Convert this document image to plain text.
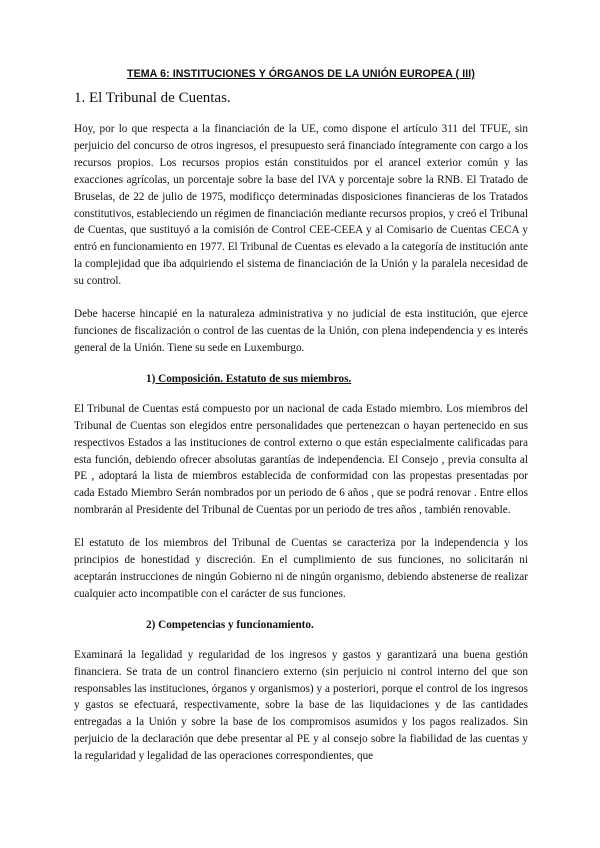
TEMA 6: INSTITUCIONES Y ÓRGANOS DE LA UNIÓN EUROPEA ( III)
1. El Tribunal de Cuentas.

Hoy, por lo que respecta a la financiación de la UE, como dispone el artículo 311 del TFUE, sin perjuicio del concurso de otros ingresos, el presupuesto será financiado íntegramente con cargo a los recursos propios. Los recursos propios están constituidos por el arancel exterior común y las exacciones agrícolas, un porcentaje sobre la base del IVA y porcentaje sobre la RNB. El Tratado de Bruselas, de 22 de julio de 1975, modificço determinadas disposiciones financieras de los Tratados constitutivos, estableciendo un régimen de financiación mediante recursos propios, y creó el Tribunal de Cuentas, que sustituyó a la comisión de Control CEE-CEEA y al Comisario de Cuentas CECA y entró en funcionamiento en 1977. El Tribunal de Cuentas es elevado a la categoría de institución ante la complejidad que iba adquiriendo el sistema de financiación de la Unión y la paralela necesidad de su control.

Debe hacerse hincapié en la naturaleza administrativa y no judicial de esta institución, que ejerce funciones de fiscalización o control de las cuentas de la Unión, con plena independencia y es interés general de la Unión. Tiene su sede en Luxemburgo.

1) Composición. Estatuto de sus miembros.

El Tribunal de Cuentas está compuesto por un nacional de cada Estado miembro. Los miembros del Tribunal de Cuentas son elegidos entre personalidades que pertenezcan o hayan pertenecido en sus respectivos Estados a las instituciones de control externo o que están especialmente calificadas para esta función, debiendo ofrecer absolutas garantías de independencia. El Consejo , previa consulta al PE , adoptará la lista de miembros establecida de conformidad con las propestas presentadas por cada Estado Miembro Serán nombrados por un periodo de 6 años , que se podrá renovar . Entre ellos nombrarán al Presidente del Tribunal de Cuentas por un periodo de tres años , también renovable.

El estatuto de los miembros del Tribunal de Cuentas se caracteriza por la independencia y los principios de honestidad y discreción. En el cumplimiento de sus funciones, no solicitarán ni aceptarán instrucciones de ningún Gobierno ni de ningún organismo, debiendo abstenerse de realizar cualquier acto incompatible con el carácter de sus funciones.

2) Competencias y funcionamiento.

Examinará la legalidad y regularidad de los ingresos y gastos y garantizará una buena gestión financiera. Se trata de un control financiero externo (sin perjuicio ni control interno del que son responsables las instituciones, órganos y organismos) y a posteriori, porque el control de los ingresos y gastos se efectuará, respectivamente, sobre la base de las liquidaciones y de las cantidades entregadas a la Unión y sobre la base de los compromisos asumidos y los pagos realizados. Sin perjuicio de la declaración que debe presentar al PE y al consejo sobre la fiabilidad de las cuentas y la regularidad y legalidad de las operaciones correspondientes, que
